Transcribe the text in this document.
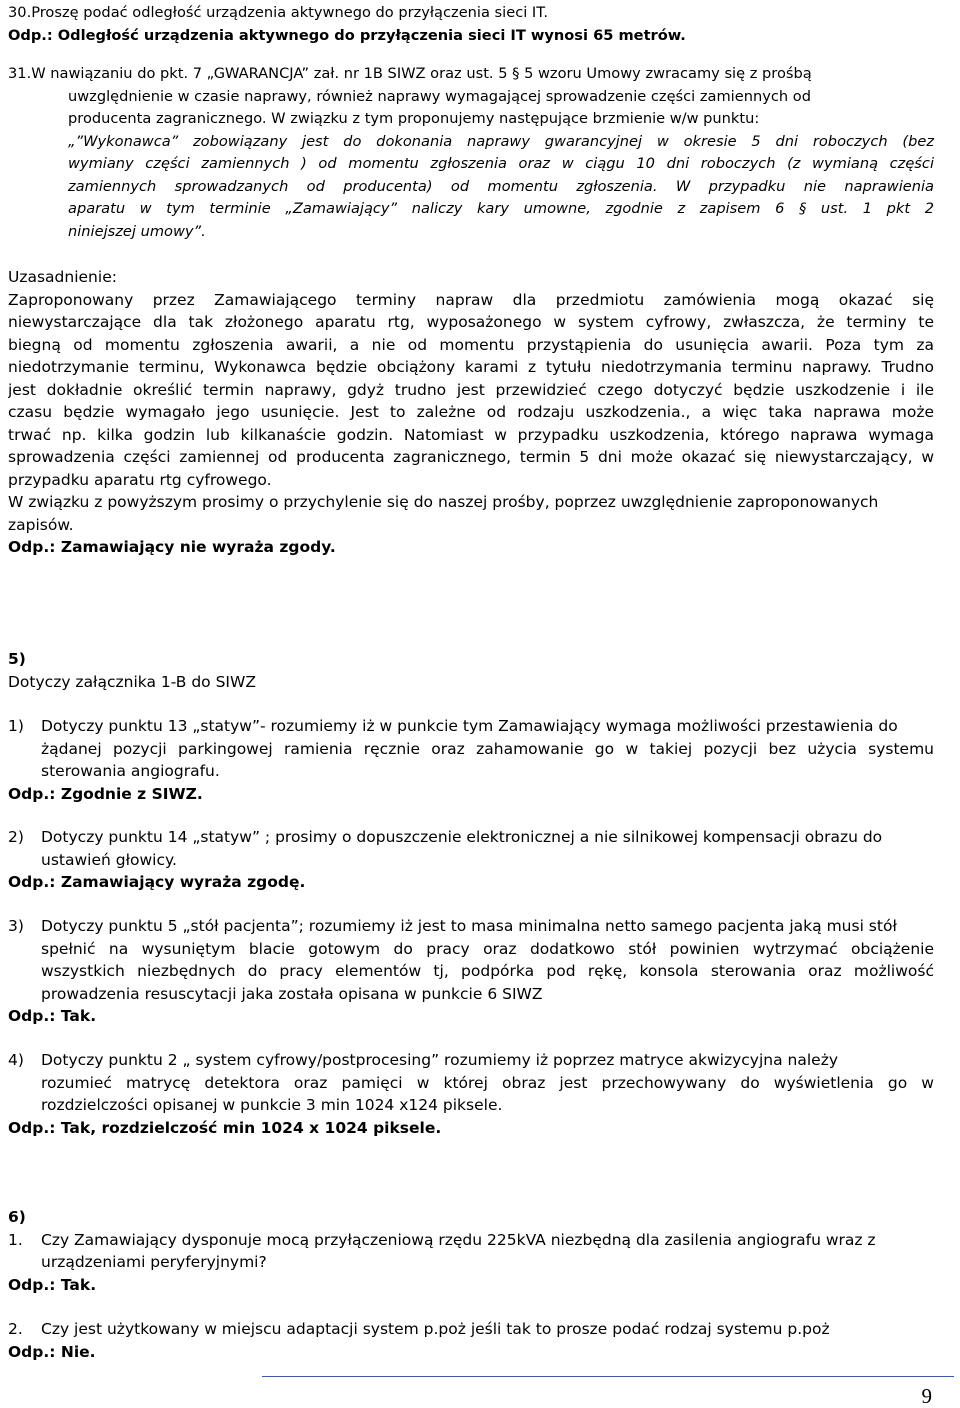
30.Proszę podać odległość urządzenia aktywnego do przyłączenia sieci IT.
Odp.: Odległość urządzenia aktywnego do przyłączenia sieci IT wynosi 65 metrów.
31.W nawiązaniu do pkt. 7 „GWARANCJA” zał. nr 1B SIWZ oraz ust. 5 § 5 wzoru Umowy zwracamy się z prośbą
uwzględnienie w czasie naprawy, również naprawy wymagającej sprowadzenie części zamiennych od
producenta zagranicznego. W związku z tym proponujemy następujące brzmienie w/w punktu:
„”Wykonawca” zobowiązany jest do dokonania naprawy gwarancyjnej w okresie 5 dni roboczych (bez
wymiany części zamiennych ) od momentu zgłoszenia oraz w ciągu 10 dni roboczych (z wymianą części
zamiennych sprowadzanych od producenta) od momentu zgłoszenia. W przypadku nie naprawienia
aparatu w tym terminie „Zamawiający” naliczy kary umowne, zgodnie z zapisem 6 § ust. 1 pkt 2
niniejszej umowy”.
Uzasadnienie:
Zaproponowany przez Zamawiającego terminy napraw dla przedmiotu zamówienia mogą okazać się
niewystarczające dla tak złożonego aparatu rtg, wyposażonego w system cyfrowy, zwłaszcza, że terminy te
biegną od momentu zgłoszenia awarii, a nie od momentu przystąpienia do usunięcia awarii. Poza tym za
niedotrzymanie terminu, Wykonawca będzie obciążony karami z tytułu niedotrzymania terminu naprawy. Trudno
jest dokładnie określić termin naprawy, gdyż trudno jest przewidzieć czego dotyczyć będzie uszkodzenie i ile
czasu będzie wymagało jego usunięcie. Jest to zależne od rodzaju uszkodzenia., a więc taka naprawa może
trwać np. kilka godzin lub kilkanaście godzin. Natomiast w przypadku uszkodzenia, którego naprawa wymaga
sprowadzenia części zamiennej od producenta zagranicznego, termin 5 dni może okazać się niewystarczający, w
przypadku aparatu rtg cyfrowego.
W związku z powyższym prosimy o przychylenie się do naszej prośby, poprzez uwzględnienie zaproponowanych
zapisów.
Odp.: Zamawiający nie wyraża zgody.
5)
Dotyczy załącznika 1-B do SIWZ
1)	Dotyczy punktu 13 „statyw”- rozumiemy iż w punkcie tym Zamawiający wymaga możliwości przestawienia do
żądanej pozycji parkingowej ramienia ręcznie oraz zahamowanie go w takiej pozycji bez użycia systemu
sterowania angiografu.
Odp.: Zgodnie z SIWZ.
2)	Dotyczy punktu 14 „statyw” ; prosimy o dopuszczenie elektronicznej a nie silnikowej kompensacji obrazu do
ustawień głowicy.
Odp.: Zamawiający wyraża zgodę.
3)	Dotyczy punktu 5 „stół pacjenta”; rozumiemy iż jest to masa minimalna netto samego pacjenta jaką musi stół
spełnić na wysuniętym blacie gotowym do pracy oraz dodatkowo stół powinien wytrzymać obciążenie
wszystkich niezbędnych do pracy elementów tj, podpórka pod rękę, konsola sterowania oraz możliwość
prowadzenia resuscytacji jaka została opisana w punkcie 6 SIWZ
Odp.: Tak.
4)	Dotyczy punktu 2 „ system cyfrowy/postprocesing” rozumiemy iż poprzez matryce akwizycyjna należy
rozumieć matrycę detektora oraz pamięci w której obraz jest przechowywany do wyświetlenia go w
rozdzielczości opisanej w punkcie 3 min 1024 x124 piksele.
Odp.: Tak, rozdzielczość min 1024 x 1024 piksele.
6)
1.	Czy Zamawiający dysponuje mocą przyłączeniową rzędu 225kVA niezbędną dla zasilenia angiografu wraz z
urządzeniami peryferyjnymi?
Odp.: Tak.
2.	Czy jest użytkowany w miejscu adaptacji system p.poż jeśli tak to prosze podać rodzaj systemu p.poż
Odp.: Nie.
9
